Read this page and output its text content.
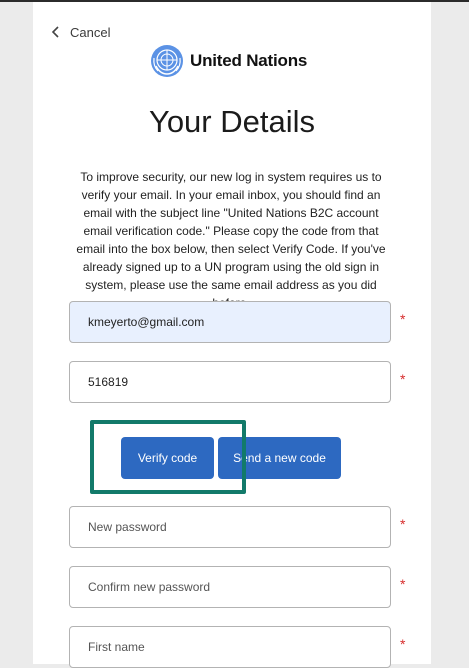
Cancel
United Nations
Your Details

To improve security, our new log in system requires us to
verify your email. In your email inbox, you should find an
email with the subject line "United Nations B2C account
email verification code." Please copy the code from that
email into the box below, then select Verify Code. If you've
already signed up to a UN program using the old sign in
system, please use the same email address as you did

kmeyerto@gmail.com
*
516819
*
Verify code	Send a new code
*
*
First name
*
